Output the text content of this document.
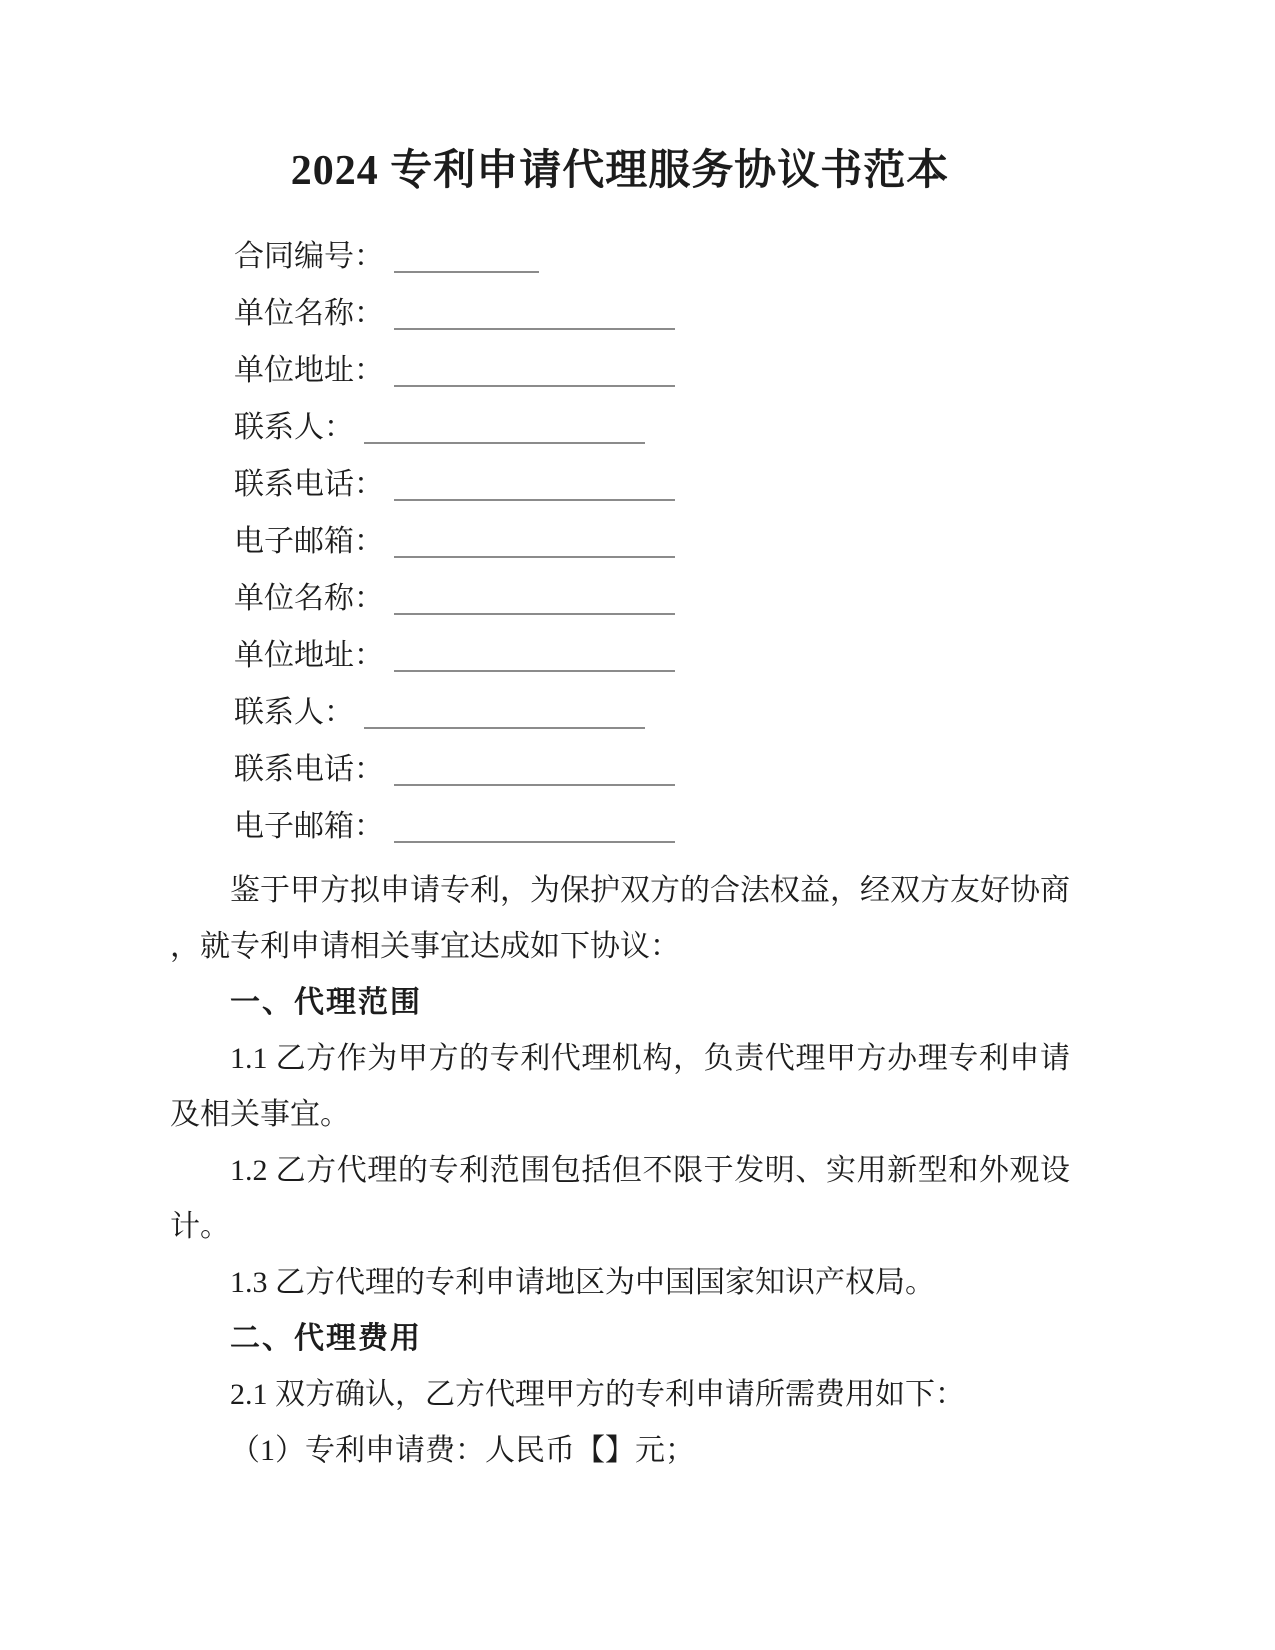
2024 专利申请代理服务协议书范本
合同编号：
单位名称：
单位地址：
联系人：
联系电话：
电子邮箱：
单位名称：
单位地址：
联系人：
联系电话：
电子邮箱：

鉴于甲方拟申请专利，为保护双方的合法权益，经双方友好协商，就专利申请相关事宜达成如下协议：

一、代理范围

1.1 乙方作为甲方的专利代理机构，负责代理甲方办理专利申请及相关事宜。

1.2 乙方代理的专利范围包括但不限于发明、实用新型和外观设计。

1.3 乙方代理的专利申请地区为中国国家知识产权局。

二、代理费用

2.1 双方确认，乙方代理甲方的专利申请所需费用如下：

（1）专利申请费：人民币【】元；
